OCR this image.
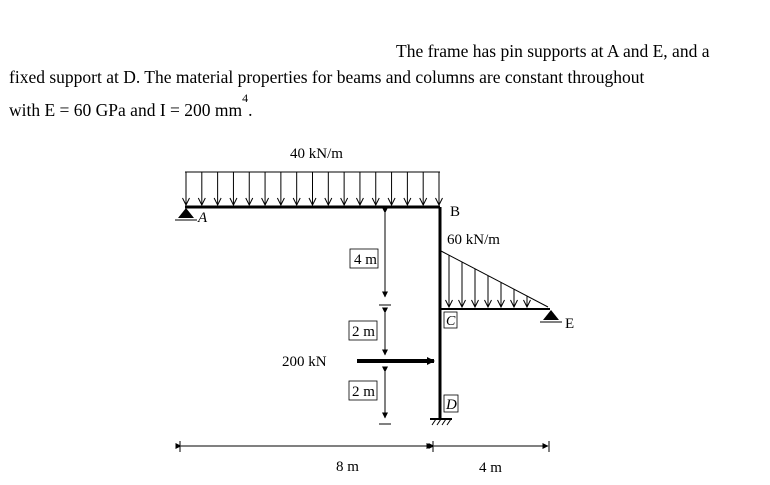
The frame has pin supports at A and E, and a
fixed support at D. The material properties for beams and columns are constant throughout
with E = 60 GPa and I = 200 $mm^4$.
40 kN/m
60 kN/m
A
E
B
C
D
200 kN
4 m
2 m
2 m
8 m	4 m
